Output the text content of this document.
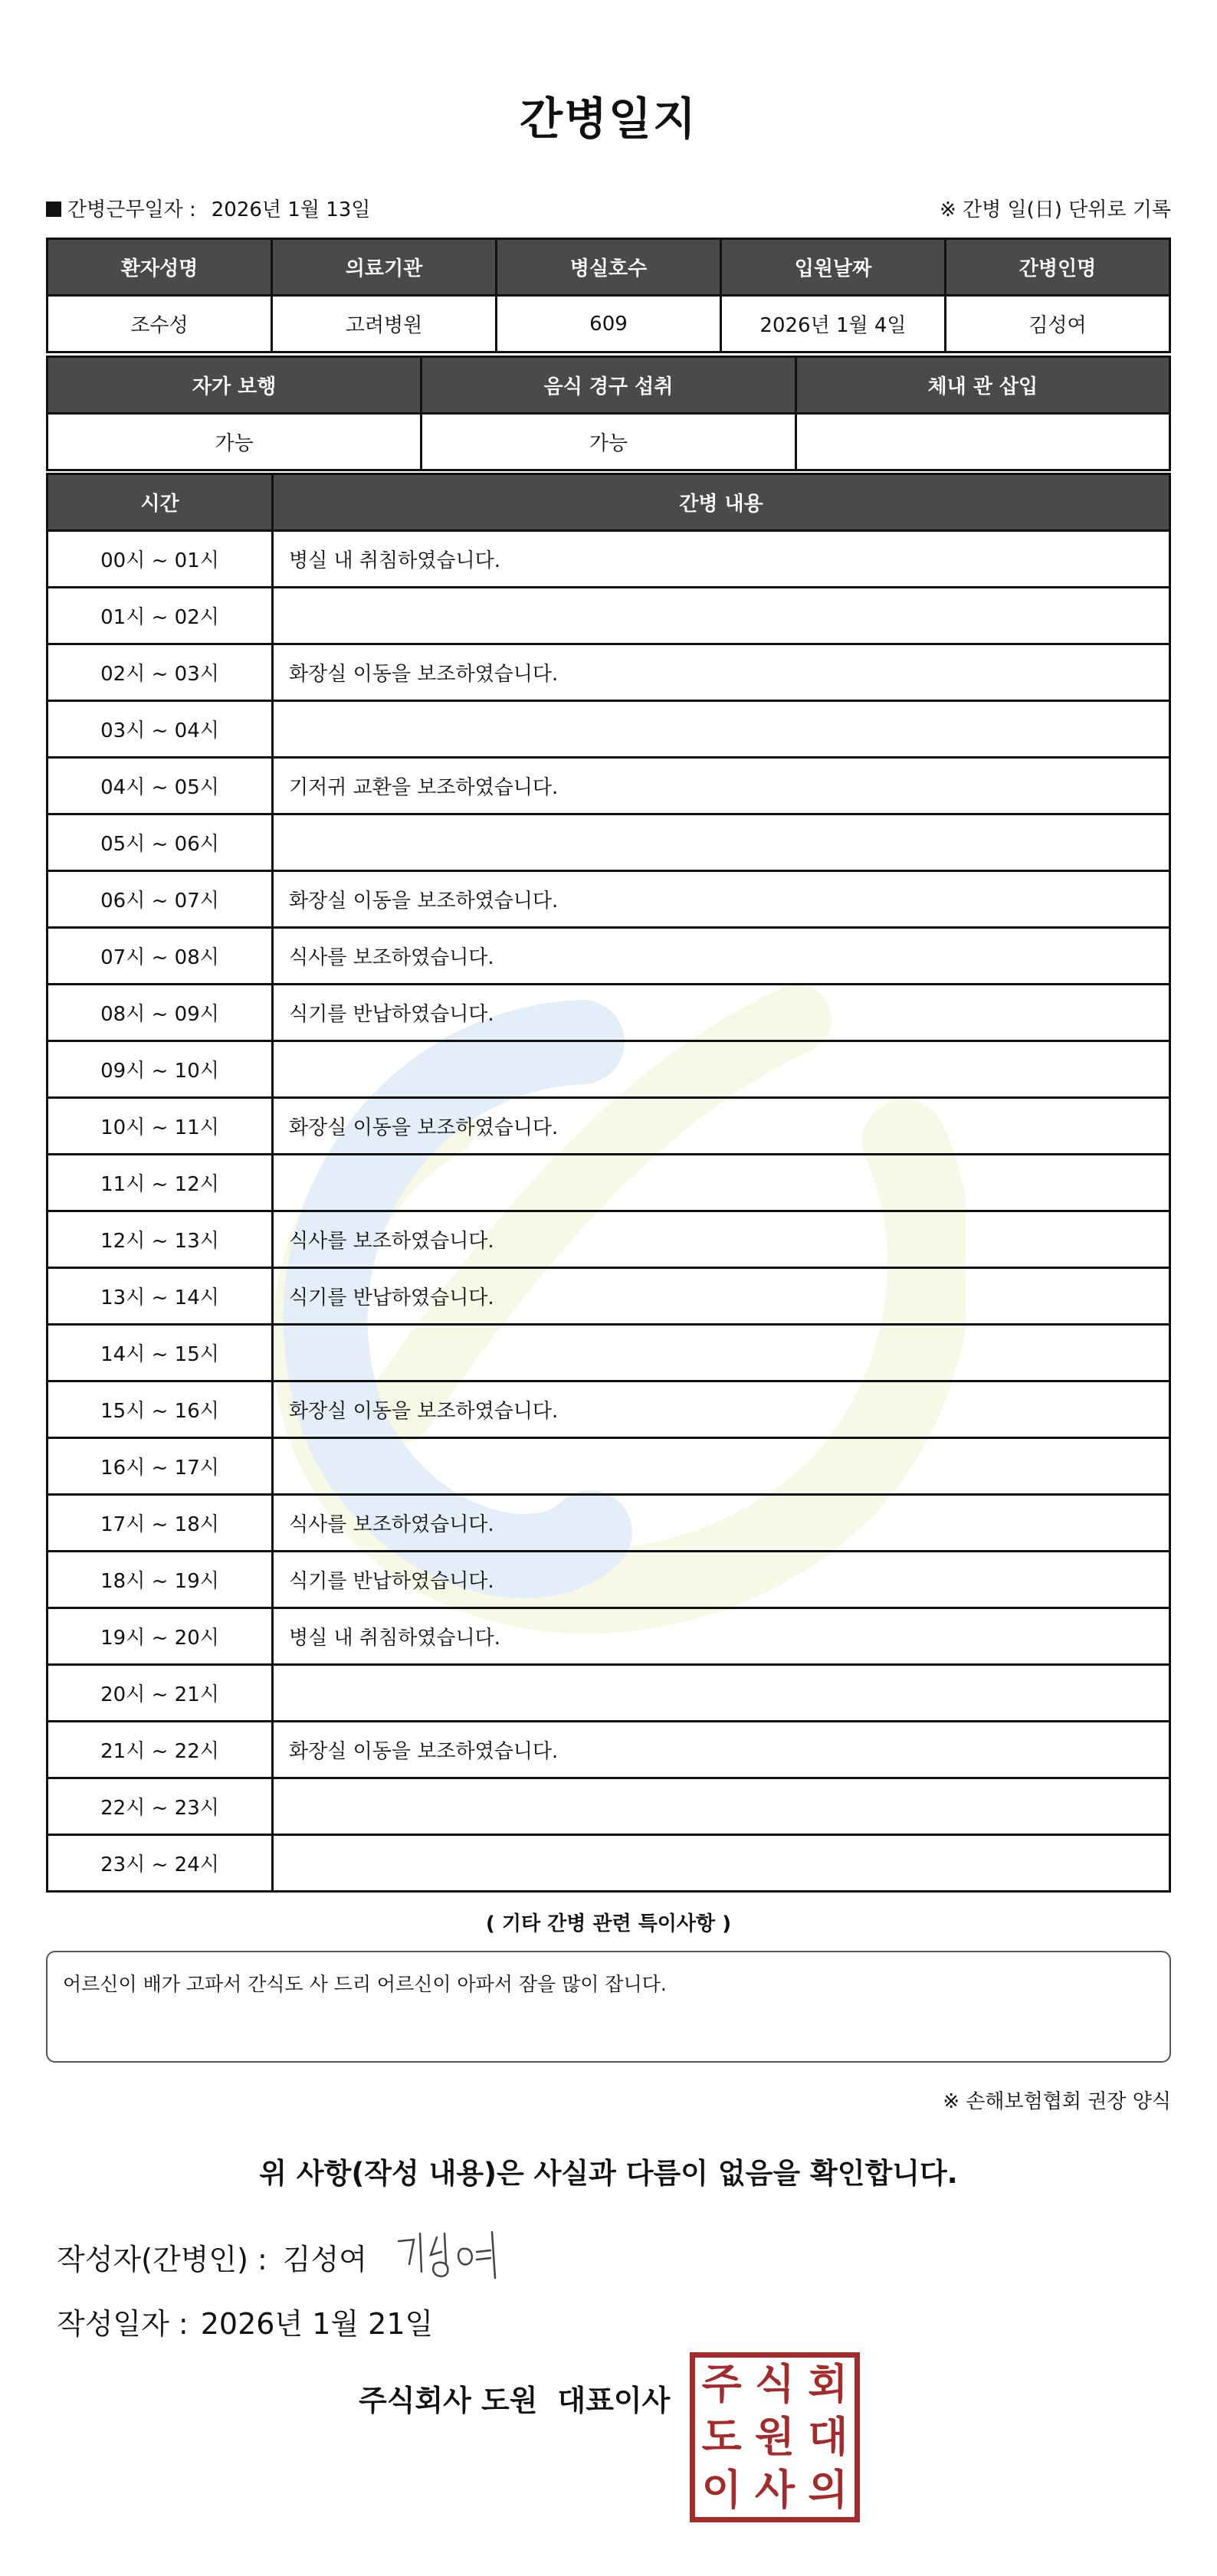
간병일지
간병근무일자 : 2026년 1월 13일	※ 간병 일(日) 단위로 기록
환자성명	의료기관	병실호수	입원날짜	간병인명
조수성	고려병원	609	2026년 1월 4일	김성여
자가 보행	음식 경구 섭취	체내 관 삽입
가능	가능	
시간	간병 내용
00시 ~ 01시	병실 내 취침하였습니다.
01시 ~ 02시	
02시 ~ 03시	화장실 이동을 보조하였습니다.
03시 ~ 04시	
04시 ~ 05시	기저귀 교환을 보조하였습니다.
05시 ~ 06시	
06시 ~ 07시	화장실 이동을 보조하였습니다.
07시 ~ 08시	식사를 보조하였습니다.
08시 ~ 09시	식기를 반납하였습니다.
09시 ~ 10시	
10시 ~ 11시	화장실 이동을 보조하였습니다.
11시 ~ 12시	
12시 ~ 13시	식사를 보조하였습니다.
13시 ~ 14시	식기를 반납하였습니다.
14시 ~ 15시	
15시 ~ 16시	화장실 이동을 보조하였습니다.
16시 ~ 17시	
17시 ~ 18시	식사를 보조하였습니다.
18시 ~ 19시	식기를 반납하였습니다.
19시 ~ 20시	병실 내 취침하였습니다.
20시 ~ 21시	
21시 ~ 22시	화장실 이동을 보조하였습니다.
22시 ~ 23시	
23시 ~ 24시	
( 기타 간병 관련 특이사항 )
어르신이 배가 고파서 간식도 사 드리 어르신이 아파서 잠을 많이 잡니다.
※ 손해보험협회 권장 양식
위 사항(작성 내용)은 사실과 다름이 없음을 확인합니다.
작성자(간병인) : 김성여
작성일자 : 2026년 1월 21일
주식회사 도원 대표이사 주 식 회
도 원 대
이 사 의
